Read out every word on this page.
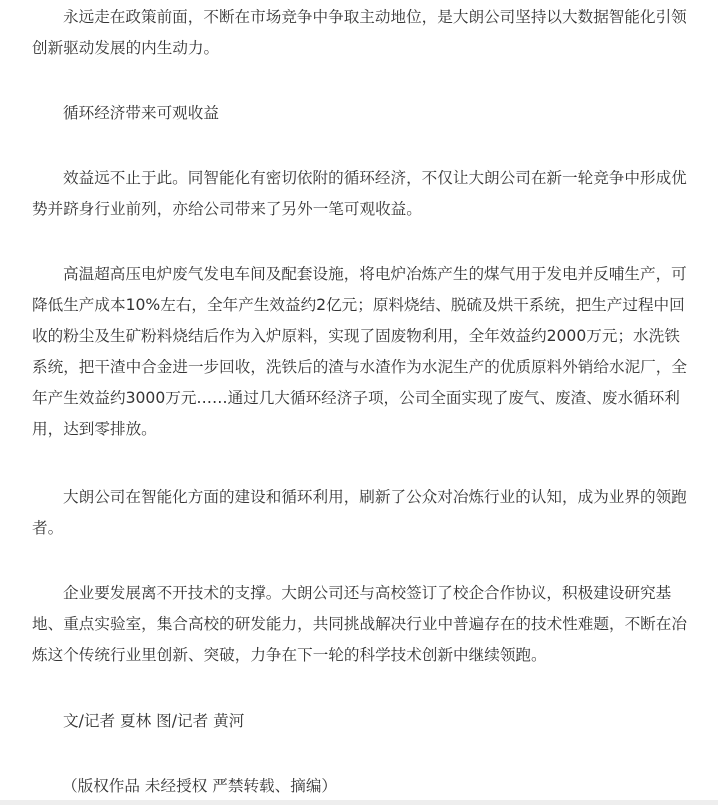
永远走在政策前面，不断在市场竞争中争取主动地位，是大朗公司坚持以大数据智能化引领创新驱动发展的内生动力。

循环经济带来可观收益

效益远不止于此。同智能化有密切依附的循环经济，不仅让大朗公司在新一轮竞争中形成优势并跻身行业前列，亦给公司带来了另外一笔可观收益。

高温超高压电炉废气发电车间及配套设施，将电炉冶炼产生的煤气用于发电并反哺生产，可降低生产成本10%左右，全年产生效益约2亿元；原料烧结、脱硫及烘干系统，把生产过程中回收的粉尘及生矿粉料烧结后作为入炉原料，实现了固废物利用，全年效益约2000万元；水洗铁系统，把干渣中合金进一步回收，洗铁后的渣与水渣作为水泥生产的优质原料外销给水泥厂，全年产生效益约3000万元……通过几大循环经济子项，公司全面实现了废气、废渣、废水循环利用，达到零排放。

大朗公司在智能化方面的建设和循环利用，刷新了公众对冶炼行业的认知，成为业界的领跑者。

企业要发展离不开技术的支撑。大朗公司还与高校签订了校企合作协议，积极建设研究基地、重点实验室，集合高校的研发能力，共同挑战解决行业中普遍存在的技术性难题，不断在冶炼这个传统行业里创新、突破，力争在下一轮的科学技术创新中继续领跑。

文/记者 夏林 图/记者 黄河

（版权作品 未经授权 严禁转载、摘编）
